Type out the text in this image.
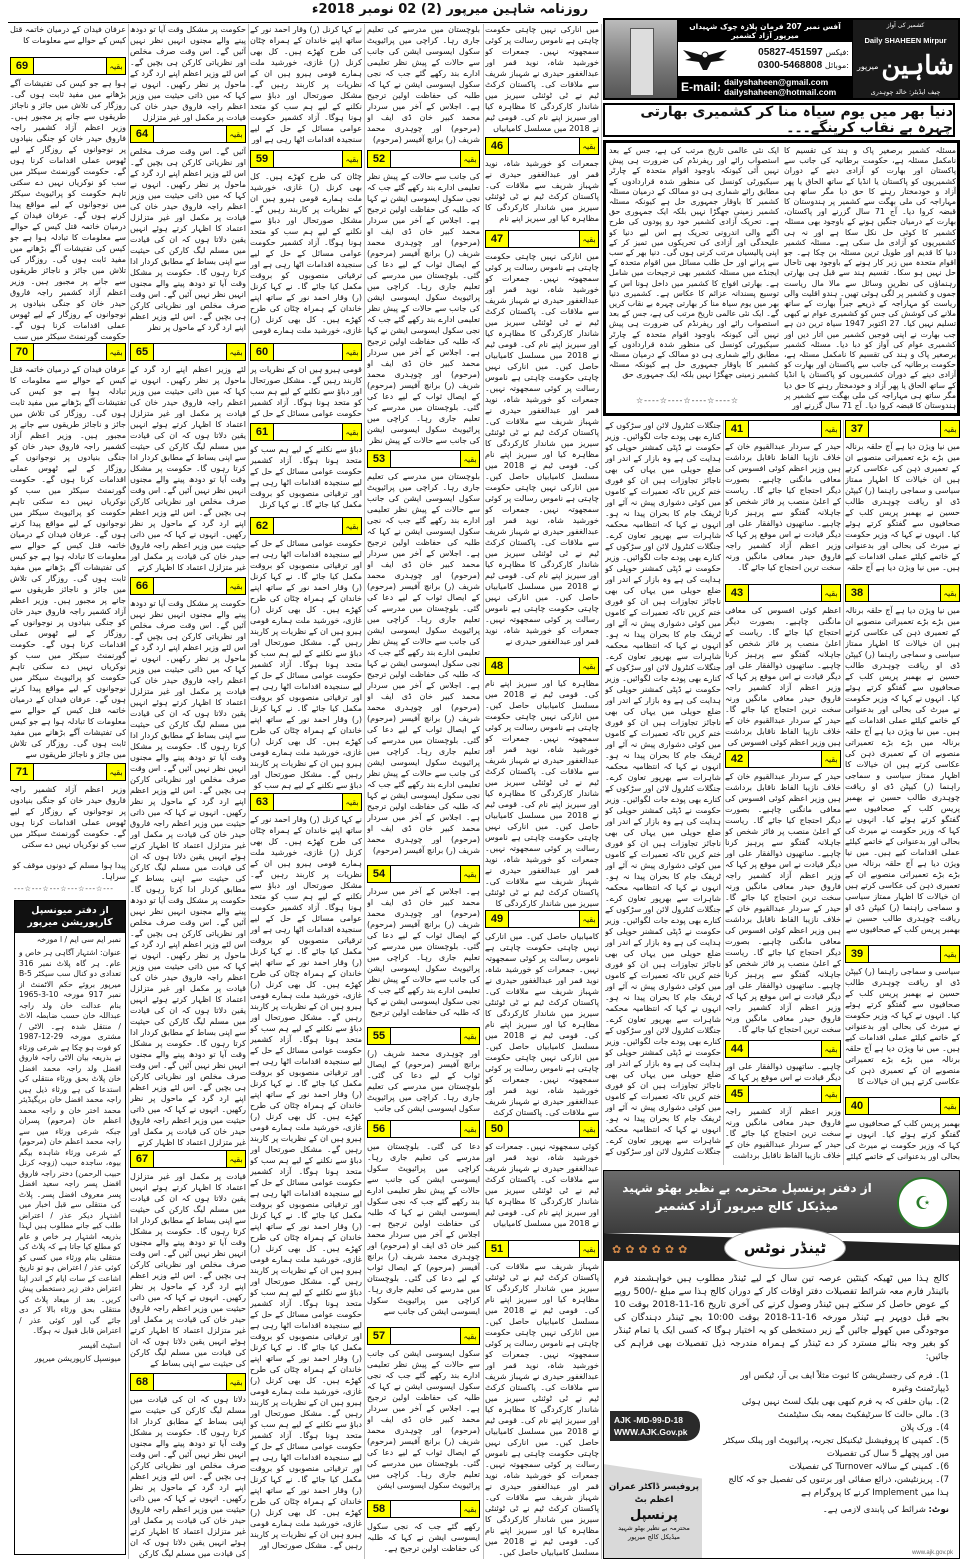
روزنامہ شاہین میرپور (2) 02 نومبر 2018ء
آفس نمبر 207 فرمان پلازہ چوک شہیداں میرپور آزاد کشمیر
05827-451597 فیکس:
0300-5468808 موبائل:
E-mail: dailyshaheen@gmail.com
dailyshaheen@hotmail.com
کشمیر کی آواز
Daily SHAHEEN Mirpur
شاہین
میرپور
چیف ایڈیٹر: خالد چوہدری
دنیا بھر میں یوم سیاہ منا کر کشمیری بھارتی چہرہ بے نقاب کرینگے۔۔۔
مسئلہ کشمیر برصغیر پاک و ہند کی تقسیم کا نامکمل مسئلہ ہے، حکومت برطانیہ کی جانب سے پاکستان اور بھارت کو آزادی دینے کے دوران کشمیریوں کو پاکستان یا انڈیا کے ساتھ الحاق یا پھر آزاد و خودمختار رہنے کا حق دیا مگر ساتھ ہی مہاراجہ کی ملی بھگت سے کشمیر پر ہندوستان کا قبضہ کروا دیا۔ آج 71 سال گزرنے اور پاکستان، بھارت کے درمیان جنگیں ہونے کے باوجود بھی مسئلہ کشمیر کا کوئی حل نکل سکا ہے اور نہ ہی کشمیریوں کو آزادی مل سکی ہے۔ مسئلہ کشمیر دنیا کا قدیم اور طویل ترین مسئلہ بن چکا ہے۔ جو اقوام متحدہ میں زیر کار ہونے کے باوجود بھی تاحال حل نہیں ہو سکا۔ تقسیم ہند سے قبل ہی بھارتی رہنماؤں کی نظریں وسائل سے مالا مال ریاست جموں و کشمیر پر لگی ہوئی تھیں۔ ہندو اقلیت والی ریاست کو مہاراجہ کے ذریعے جبراً بھارت کے ساتھ ملانے کی کوشش کی جس کو کشمیری عوام نے کبھی تسلیم نہیں کیا۔ 27 اکتوبر 1947 سیاہ ترین دن ہے جب بھارت نے اپنی فوجیں کشمیر میں اتار دیں اور کشمیری عوام کی آواز کو دبا دیا۔ مسئلہ کشمیر برصغیر پاک و ہند کی تقسیم کا نامکمل مسئلہ ہے، حکومت برطانیہ کی جانب سے پاکستان اور بھارت کو آزادی دینے کے دوران کشمیریوں کو پاکستان یا انڈیا کے ساتھ الحاق یا پھر آزاد و خودمختار رہنے کا حق دیا مگر ساتھ ہی مہاراجہ کی ملی بھگت سے کشمیر پر ہندوستان کا قبضہ کروا دیا۔ آج 71 سال گزرنے اور
ایک نئی عالمی تاریخ مرتب کی ہے، جس کے بعد استصواب رائے اور ریفرنڈم کی ضرورت ہی پیش نہیں آئی کیونکہ باوجود اقوام متحدہ کے چارٹر سیکیورٹی کونسل کی منظور شدہ قراردادوں کے مطابق رائے شماری ہی دو ممالک کے درمیان مسئلہ کشمیر کا باوقار جمہوری حل ہے کیونکہ مسئلہ کشمیر زمینی جھگڑا نہیں بلکہ ایک جمہوری حق ہے۔ تحریک آزادی کشمیر خود رو پودوں کی طرح اگنے والی اندرونی تحریک ہے اس لیے دنیا کو علیحدگی اور آزادی کی تحریکوں میں تمیز کر کے اپنی پالیسیاں مرتب کرنی ہوں گی۔ دنیا بھر کے سب سے پرانے اور حل طلب مسائل میں اقوام متحدہ کے ایجنڈے میں مسئلہ کشمیر بھی ترجیحات میں شامل ہے۔ بھارتی افواج کا کشمیر میں داخل ہونا اس کے توسیع پسندانہ عزائم کا عکاس ہے۔ کشمیری دنیا بھر میں یوم سیاہ منا کر بھارتی چہرہ بے نقاب کریں گے۔ ایک نئی عالمی تاریخ مرتب کی ہے، جس کے بعد استصواب رائے اور ریفرنڈم کی ضرورت ہی پیش نہیں آئی کیونکہ باوجود اقوام متحدہ کے چارٹر سیکیورٹی کونسل کی منظور شدہ قراردادوں کے مطابق رائے شماری ہی دو ممالک کے درمیان مسئلہ کشمیر کا باوقار جمہوری حل ہے کیونکہ مسئلہ کشمیر زمینی جھگڑا نہیں بلکہ ایک جمہوری حق
☆----☆----☆----☆----☆
69	بقیہ
70	بقیہ
71	بقیہ
عرفان فیدان کے درمیان خاتمہ قتل کیس کے حوالے سے معلومات کا
ہوا ہے جو کیس کی تفتیشات آگے بڑھانے میں مفید ثابت ہوں گی۔ روزگار کی تلاش میں جائز و ناجائز طریقوں سے جانے پر مجبور ہیں۔ وزیر اعظم آزاد کشمیر راجہ فاروق حیدر خان کو جنگی بنیادوں پر نوجوانوں کے روزگار کے لیے ٹھوس عملی اقدامات کرنا ہوں گے۔ حکومت گورنمنٹ سیکٹر میں سب کو نوکریاں نہیں دے سکتی تاہم حکومت کو پرائیویٹ سیکٹر میں نوجوانوں کے لیے مواقع پیدا کرنے ہوں گے۔ عرفان فیدان کے درمیان خاتمہ قتل کیس کے حوالے سے معلومات کا تبادلہ ہوا ہے جو کیس کی تفتیشات آگے بڑھانے میں مفید ثابت ہوں گی۔ روزگار کی تلاش میں جائز و ناجائز طریقوں سے جانے پر مجبور ہیں۔ وزیر اعظم آزاد کشمیر راجہ فاروق حیدر خان کو جنگی بنیادوں پر نوجوانوں کے روزگار کے لیے ٹھوس عملی اقدامات کرنا ہوں گے۔ حکومت گورنمنٹ سیکٹر میں سب
عرفان فیدان کے درمیان خاتمہ قتل کیس کے حوالے سے معلومات کا تبادلہ ہوا ہے جو کیس کی تفتیشات آگے بڑھانے میں مفید ثابت ہوں گی۔ روزگار کی تلاش میں جائز و ناجائز طریقوں سے جانے پر مجبور ہیں۔ وزیر اعظم آزاد کشمیر راجہ فاروق حیدر خان کو جنگی بنیادوں پر نوجوانوں کے روزگار کے لیے ٹھوس عملی اقدامات کرنا ہوں گے۔ حکومت گورنمنٹ سیکٹر میں سب کو نوکریاں نہیں دے سکتی تاہم حکومت کو پرائیویٹ سیکٹر میں نوجوانوں کے لیے مواقع پیدا کرنے ہوں گے۔ عرفان فیدان کے درمیان خاتمہ قتل کیس کے حوالے سے معلومات کا تبادلہ ہوا ہے جو کیس کی تفتیشات آگے بڑھانے میں مفید ثابت ہوں گی۔ روزگار کی تلاش میں جائز و ناجائز طریقوں سے جانے پر مجبور ہیں۔ وزیر اعظم آزاد کشمیر راجہ فاروق حیدر خان کو جنگی بنیادوں پر نوجوانوں کے روزگار کے لیے ٹھوس عملی اقدامات کرنا ہوں گے۔ حکومت گورنمنٹ سیکٹر میں سب کو نوکریاں نہیں دے سکتی تاہم حکومت کو پرائیویٹ سیکٹر میں نوجوانوں کے لیے مواقع پیدا کرنے ہوں گے۔ عرفان فیدان کے درمیان خاتمہ قتل کیس کے حوالے سے معلومات کا تبادلہ ہوا ہے جو کیس کی تفتیشات آگے بڑھانے میں مفید ثابت ہوں گی۔ روزگار کی تلاش میں جائز و ناجائز طریقوں سے
وزیر اعظم آزاد کشمیر راجہ فاروق حیدر خان کو جنگی بنیادوں پر نوجوانوں کے روزگار کے لیے ٹھوس عملی اقدامات کرنا ہوں گے۔ حکومت گورنمنٹ سیکٹر میں سب کو نوکریاں نہیں دے سکتی
64	بقیہ
65	بقیہ
66	بقیہ
67	بقیہ
68	بقیہ
حکومت پر مشکل وقت آیا تو دودھ پینے والے مجنوں انہیں نظر نہیں آئیں گے۔ اس وقت صرف مخلص اور نظریاتی کارکن ہی بچیں گے۔ اس لئے وزیر اعظم اپنے ارد گرد کے ماحول پر نظر رکھیں۔ انہوں نے کہا کہ میں ذاتی حیثیت میں وزیر اعظم راجہ فاروق حیدر خان کی قیادت پر مکمل اور غیر متزلزل
آئیں گے۔ اس وقت صرف مخلص اور نظریاتی کارکن ہی بچیں گے۔ اس لئے وزیر اعظم اپنے ارد گرد کے ماحول پر نظر رکھیں۔ انہوں نے کہا کہ میں ذاتی حیثیت میں وزیر اعظم راجہ فاروق حیدر خان کی قیادت پر مکمل اور غیر متزلزل اعتماد کا اظہار کرتے ہوئے انہیں یقین دلاتا ہوں کہ ان کی قیادت میں مسلم لیگ کارکن کی حیثیت سے اپنی بساط کے مطابق کردار ادا کرتا رہوں گا۔ حکومت پر مشکل وقت آیا تو دودھ پینے والے مجنوں انہیں نظر نہیں آئیں گے۔ اس وقت صرف مخلص اور نظریاتی کارکن ہی بچیں گے۔ اس لئے وزیر اعظم اپنے ارد گرد کے ماحول پر نظر
لئے وزیر اعظم اپنے ارد گرد کے ماحول پر نظر رکھیں۔ انہوں نے کہا کہ میں ذاتی حیثیت میں وزیر اعظم راجہ فاروق حیدر خان کی قیادت پر مکمل اور غیر متزلزل اعتماد کا اظہار کرتے ہوئے انہیں یقین دلاتا ہوں کہ ان کی قیادت میں مسلم لیگ کارکن کی حیثیت سے اپنی بساط کے مطابق کردار ادا کرتا رہوں گا۔ حکومت پر مشکل وقت آیا تو دودھ پینے والے مجنوں انہیں نظر نہیں آئیں گے۔ اس وقت صرف مخلص اور نظریاتی کارکن ہی بچیں گے۔ اس لئے وزیر اعظم اپنے ارد گرد کے ماحول پر نظر رکھیں۔ انہوں نے کہا کہ میں ذاتی حیثیت میں وزیر اعظم راجہ فاروق حیدر خان کی قیادت پر مکمل اور غیر متزلزل اعتماد کا اظہار کرتے
حکومت پر مشکل وقت آیا تو دودھ پینے والے مجنوں انہیں نظر نہیں آئیں گے۔ اس وقت صرف مخلص اور نظریاتی کارکن ہی بچیں گے۔ اس لئے وزیر اعظم اپنے ارد گرد کے ماحول پر نظر رکھیں۔ انہوں نے کہا کہ میں ذاتی حیثیت میں وزیر اعظم راجہ فاروق حیدر خان کی قیادت پر مکمل اور غیر متزلزل اعتماد کا اظہار کرتے ہوئے انہیں یقین دلاتا ہوں کہ ان کی قیادت میں مسلم لیگ کارکن کی حیثیت سے اپنی بساط کے مطابق کردار ادا کرتا رہوں گا۔ حکومت پر مشکل وقت آیا تو دودھ پینے والے مجنوں انہیں نظر نہیں آئیں گے۔ اس وقت صرف مخلص اور نظریاتی کارکن ہی بچیں گے۔ اس لئے وزیر اعظم اپنے ارد گرد کے ماحول پر نظر رکھیں۔ انہوں نے کہا کہ میں ذاتی حیثیت میں وزیر اعظم راجہ فاروق حیدر خان کی قیادت پر مکمل اور غیر متزلزل اعتماد کا اظہار کرتے ہوئے انہیں یقین دلاتا ہوں کہ ان کی قیادت میں مسلم لیگ کارکن کی حیثیت سے اپنی بساط کے مطابق کردار ادا کرتا رہوں گا۔ حکومت پر مشکل وقت آیا تو دودھ پینے والے مجنوں انہیں نظر نہیں آئیں گے۔ اس وقت صرف مخلص اور نظریاتی کارکن ہی بچیں گے۔ اس لئے وزیر اعظم اپنے ارد گرد کے ماحول پر نظر رکھیں۔ انہوں نے کہا کہ میں ذاتی حیثیت میں وزیر اعظم راجہ فاروق حیدر خان کی قیادت پر مکمل اور غیر متزلزل اعتماد کا اظہار کرتے ہوئے انہیں یقین دلاتا ہوں کہ ان کی قیادت میں مسلم لیگ کارکن کی حیثیت سے اپنی بساط کے مطابق کردار ادا کرتا رہوں گا۔ حکومت پر مشکل وقت آیا تو دودھ پینے والے مجنوں انہیں نظر نہیں آئیں گے۔ اس وقت صرف مخلص اور نظریاتی کارکن ہی بچیں گے۔ اس لئے وزیر اعظم اپنے ارد گرد کے ماحول پر نظر رکھیں۔ انہوں نے کہا کہ میں ذاتی حیثیت میں وزیر اعظم راجہ فاروق حیدر خان کی قیادت پر مکمل اور غیر متزلزل اعتماد کا اظہار کرتے
قیادت پر مکمل اور غیر متزلزل اعتماد کا اظہار کرتے ہوئے انہیں یقین دلاتا ہوں کہ ان کی قیادت میں مسلم لیگ کارکن کی حیثیت سے اپنی بساط کے مطابق کردار ادا کرتا رہوں گا۔ حکومت پر مشکل وقت آیا تو دودھ پینے والے مجنوں انہیں نظر نہیں آئیں گے۔ اس وقت صرف مخلص اور نظریاتی کارکن ہی بچیں گے۔ اس لئے وزیر اعظم اپنے ارد گرد کے ماحول پر نظر رکھیں۔ انہوں نے کہا کہ میں ذاتی حیثیت میں وزیر اعظم راجہ فاروق حیدر خان کی قیادت پر مکمل اور غیر متزلزل اعتماد کا اظہار کرتے ہوئے انہیں یقین دلاتا ہوں کہ ان کی قیادت میں مسلم لیگ کارکن کی حیثیت سے اپنی بساط کے
دلاتا ہوں کہ ان کی قیادت میں مسلم لیگ کارکن کی حیثیت سے اپنی بساط کے مطابق کردار ادا کرتا رہوں گا۔ حکومت پر مشکل وقت آیا تو دودھ پینے والے مجنوں انہیں نظر نہیں آئیں گے۔ اس وقت صرف مخلص اور نظریاتی کارکن ہی بچیں گے۔ اس لئے وزیر اعظم اپنے ارد گرد کے ماحول پر نظر رکھیں۔ انہوں نے کہا کہ میں ذاتی حیثیت میں وزیر اعظم راجہ فاروق حیدر خان کی قیادت پر مکمل اور غیر متزلزل اعتماد کا اظہار کرتے ہوئے انہیں یقین دلاتا ہوں کہ ان کی قیادت میں مسلم لیگ کارکن
59	بقیہ
60	بقیہ
61	بقیہ
62	بقیہ
63	بقیہ
نے کہا کرنل (ر) وقار احمد نور کے ساتھ اپنے خاندان کے ہمراہ چٹان کی طرح کھڑے ہیں۔ کل بھی کرنل (ر) غازی، خورشید ملت ہمارے قومی ہیرو ہیں ان کے نظریات پر کاربند رہیں گے۔ مشکل صورتحال اور دباؤ سے نکلنے کے لیے ہم سب کو متحد ہونا ہوگا۔ آزاد کشمیر حکومت عوامی مسائل کے حل کے لیے سنجیدہ اقدامات اٹھا رہی ہے اور
چٹان کی طرح کھڑے ہیں۔ کل بھی کرنل (ر) غازی، خورشید ملت ہمارے قومی ہیرو ہیں ان کے نظریات پر کاربند رہیں گے۔ مشکل صورتحال اور دباؤ سے نکلنے کے لیے ہم سب کو متحد ہونا ہوگا۔ آزاد کشمیر حکومت عوامی مسائل کے حل کے لیے سنجیدہ اقدامات اٹھا رہی ہے اور ترقیاتی منصوبوں کو بروقت مکمل کیا جائے گا۔ نے کہا کرنل (ر) وقار احمد نور کے ساتھ اپنے خاندان کے ہمراہ چٹان کی طرح کھڑے ہیں۔ کل بھی کرنل (ر) غازی، خورشید ملت ہمارے قومی
قومی ہیرو ہیں ان کے نظریات پر کاربند رہیں گے۔ مشکل صورتحال اور دباؤ سے نکلنے کے لیے ہم سب کو متحد ہونا ہوگا۔ آزاد کشمیر حکومت عوامی مسائل کے حل کے
دباؤ سے نکلنے کے لیے ہم سب کو متحد ہونا ہوگا۔ آزاد کشمیر حکومت عوامی مسائل کے حل کے لیے سنجیدہ اقدامات اٹھا رہی ہے اور ترقیاتی منصوبوں کو بروقت مکمل کیا جائے گا۔ نے کہا کرنل
حکومت عوامی مسائل کے حل کے لیے سنجیدہ اقدامات اٹھا رہی ہے اور ترقیاتی منصوبوں کو بروقت مکمل کیا جائے گا۔ نے کہا کرنل (ر) وقار احمد نور کے ساتھ اپنے خاندان کے ہمراہ چٹان کی طرح کھڑے ہیں۔ کل بھی کرنل (ر) غازی، خورشید ملت ہمارے قومی ہیرو ہیں ان کے نظریات پر کاربند رہیں گے۔ مشکل صورتحال اور دباؤ سے نکلنے کے لیے ہم سب کو متحد ہونا ہوگا۔ آزاد کشمیر حکومت عوامی مسائل کے حل کے لیے سنجیدہ اقدامات اٹھا رہی ہے اور ترقیاتی منصوبوں کو بروقت مکمل کیا جائے گا۔ نے کہا کرنل (ر) وقار احمد نور کے ساتھ اپنے خاندان کے ہمراہ چٹان کی طرح کھڑے ہیں۔ کل بھی کرنل (ر) غازی، خورشید ملت ہمارے قومی ہیرو ہیں ان کے نظریات پر کاربند رہیں گے۔ مشکل صورتحال اور دباؤ سے نکلنے کے لیے ہم سب کو
نے کہا کرنل (ر) وقار احمد نور کے ساتھ اپنے خاندان کے ہمراہ چٹان کی طرح کھڑے ہیں۔ کل بھی کرنل (ر) غازی، خورشید ملت ہمارے قومی ہیرو ہیں ان کے نظریات پر کاربند رہیں گے۔ مشکل صورتحال اور دباؤ سے نکلنے کے لیے ہم سب کو متحد ہونا ہوگا۔ آزاد کشمیر حکومت عوامی مسائل کے حل کے لیے سنجیدہ اقدامات اٹھا رہی ہے اور ترقیاتی منصوبوں کو بروقت مکمل کیا جائے گا۔ نے کہا کرنل (ر) وقار احمد نور کے ساتھ اپنے خاندان کے ہمراہ چٹان کی طرح کھڑے ہیں۔ کل بھی کرنل (ر) غازی، خورشید ملت ہمارے قومی ہیرو ہیں ان کے نظریات پر کاربند رہیں گے۔ مشکل صورتحال اور دباؤ سے نکلنے کے لیے ہم سب کو متحد ہونا ہوگا۔ آزاد کشمیر حکومت عوامی مسائل کے حل کے لیے سنجیدہ اقدامات اٹھا رہی ہے اور ترقیاتی منصوبوں کو بروقت مکمل کیا جائے گا۔ نے کہا کرنل (ر) وقار احمد نور کے ساتھ اپنے خاندان کے ہمراہ چٹان کی طرح کھڑے ہیں۔ کل بھی کرنل (ر) غازی، خورشید ملت ہمارے قومی ہیرو ہیں ان کے نظریات پر کاربند رہیں گے۔ مشکل صورتحال اور دباؤ سے نکلنے کے لیے ہم سب کو متحد ہونا ہوگا۔ آزاد کشمیر حکومت عوامی مسائل کے حل کے لیے سنجیدہ اقدامات اٹھا رہی ہے اور ترقیاتی منصوبوں کو بروقت مکمل کیا جائے گا۔ نے کہا کرنل (ر) وقار احمد نور کے ساتھ اپنے خاندان کے ہمراہ چٹان کی طرح کھڑے ہیں۔ کل بھی کرنل (ر) غازی، خورشید ملت ہمارے قومی ہیرو ہیں ان کے نظریات پر کاربند رہیں گے۔ مشکل صورتحال اور دباؤ سے نکلنے کے لیے ہم سب کو متحد ہونا ہوگا۔ آزاد کشمیر حکومت عوامی مسائل کے حل کے لیے سنجیدہ اقدامات اٹھا رہی ہے اور ترقیاتی منصوبوں کو بروقت مکمل کیا جائے گا۔ نے کہا کرنل (ر) وقار احمد نور کے ساتھ اپنے خاندان کے ہمراہ چٹان کی طرح کھڑے ہیں۔ کل بھی کرنل (ر) غازی، خورشید ملت ہمارے قومی ہیرو ہیں ان کے نظریات پر کاربند رہیں گے۔ مشکل صورتحال اور دباؤ سے نکلنے کے لیے ہم سب کو متحد ہونا ہوگا۔ آزاد کشمیر حکومت عوامی مسائل کے حل کے لیے سنجیدہ اقدامات اٹھا رہی ہے اور ترقیاتی منصوبوں کو بروقت مکمل کیا جائے گا۔ نے کہا کرنل (ر) وقار احمد نور کے ساتھ اپنے خاندان کے ہمراہ چٹان کی طرح کھڑے ہیں۔ کل بھی کرنل (ر) غازی، خورشید ملت ہمارے قومی ہیرو ہیں ان کے نظریات پر کاربند رہیں گے۔ مشکل صورتحال اور
52	بقیہ
53	بقیہ
54	بقیہ
55	بقیہ
56	بقیہ
57	بقیہ
58	بقیہ
بلوچستان میں مدرسے کی تعلیم جاری رہا۔ کراچی میں پرائیویٹ سکول ایسوسی ایشن کی جانب سے حالات کے پیش نظر تعلیمی ادارے بند رکھے گئے جب کہ نجی سکول ایسوسی ایشن نے کہا کہ طلبہ کی حفاظت اولین ترجیح ہے۔ اجلاس کے آخر میں سردار محمد کبیر خان ڈی ایف او (مرحوم) اور چوہدری محمد شریف (ر) برانچ آفیسر (مرحوم)
کی جانب سے حالات کے پیش نظر تعلیمی ادارے بند رکھے گئے جب کہ نجی سکول ایسوسی ایشن نے کہا کہ طلبہ کی حفاظت اولین ترجیح ہے۔ اجلاس کے آخر میں سردار محمد کبیر خان ڈی ایف او (مرحوم) اور چوہدری محمد شریف (ر) برانچ آفیسر (مرحوم) کے ایصال ثواب کے لیے دعا کی گئی۔ بلوچستان میں مدرسے کی تعلیم جاری رہا۔ کراچی میں پرائیویٹ سکول ایسوسی ایشن کی جانب سے حالات کے پیش نظر تعلیمی ادارے بند رکھے گئے جب کہ نجی سکول ایسوسی ایشن نے کہا کہ طلبہ کی حفاظت اولین ترجیح ہے۔ اجلاس کے آخر میں سردار محمد کبیر خان ڈی ایف او (مرحوم) اور چوہدری محمد شریف (ر) برانچ آفیسر (مرحوم) کے ایصال ثواب کے لیے دعا کی گئی۔ بلوچستان میں مدرسے کی تعلیم جاری رہا۔ کراچی میں پرائیویٹ سکول ایسوسی ایشن کی جانب سے حالات کے پیش نظر
بلوچستان میں مدرسے کی تعلیم جاری رہا۔ کراچی میں پرائیویٹ سکول ایسوسی ایشن کی جانب سے حالات کے پیش نظر تعلیمی ادارے بند رکھے گئے جب کہ نجی سکول ایسوسی ایشن نے کہا کہ طلبہ کی حفاظت اولین ترجیح ہے۔ اجلاس کے آخر میں سردار محمد کبیر خان ڈی ایف او (مرحوم) اور چوہدری محمد شریف (ر) برانچ آفیسر (مرحوم) کے ایصال ثواب کے لیے دعا کی گئی۔ بلوچستان میں مدرسے کی تعلیم جاری رہا۔ کراچی میں پرائیویٹ سکول ایسوسی ایشن کی جانب سے حالات کے پیش نظر تعلیمی ادارے بند رکھے گئے جب کہ نجی سکول ایسوسی ایشن نے کہا کہ طلبہ کی حفاظت اولین ترجیح ہے۔ اجلاس کے آخر میں سردار محمد کبیر خان ڈی ایف او (مرحوم) اور چوہدری محمد شریف (ر) برانچ آفیسر (مرحوم) کے ایصال ثواب کے لیے دعا کی گئی۔ بلوچستان میں مدرسے کی تعلیم جاری رہا۔ کراچی میں پرائیویٹ سکول ایسوسی ایشن کی جانب سے حالات کے پیش نظر تعلیمی ادارے بند رکھے گئے جب کہ نجی سکول ایسوسی ایشن نے کہا کہ طلبہ کی حفاظت اولین ترجیح ہے۔ اجلاس کے آخر میں سردار محمد کبیر خان ڈی ایف او (مرحوم) اور چوہدری محمد شریف (ر) برانچ آفیسر (مرحوم)
ہے۔ اجلاس کے آخر میں سردار محمد کبیر خان ڈی ایف او (مرحوم) اور چوہدری محمد شریف (ر) برانچ آفیسر (مرحوم) کے ایصال ثواب کے لیے دعا کی گئی۔ بلوچستان میں مدرسے کی تعلیم جاری رہا۔ کراچی میں پرائیویٹ سکول ایسوسی ایشن کی جانب سے حالات کے پیش نظر تعلیمی ادارے بند رکھے گئے جب کہ نجی سکول ایسوسی ایشن نے کہا کہ طلبہ کی حفاظت اولین ترجیح
اور چوہدری محمد شریف (ر) برانچ آفیسر (مرحوم) کے ایصال ثواب کے لیے دعا کی گئی۔ بلوچستان میں مدرسے کی تعلیم جاری رہا۔ کراچی میں پرائیویٹ سکول ایسوسی ایشن کی جانب
دعا کی گئی۔ بلوچستان میں مدرسے کی تعلیم جاری رہا۔ کراچی میں پرائیویٹ سکول ایسوسی ایشن کی جانب سے حالات کے پیش نظر تعلیمی ادارے بند رکھے گئے جب کہ نجی سکول ایسوسی ایشن نے کہا کہ طلبہ کی حفاظت اولین ترجیح ہے۔ اجلاس کے آخر میں سردار محمد کبیر خان ڈی ایف او (مرحوم) اور چوہدری محمد شریف (ر) برانچ آفیسر (مرحوم) کے ایصال ثواب کے لیے دعا کی گئی۔ بلوچستان میں مدرسے کی تعلیم جاری رہا۔ کراچی میں پرائیویٹ سکول ایسوسی ایشن کی جانب سے
سکول ایسوسی ایشن کی جانب سے حالات کے پیش نظر تعلیمی ادارے بند رکھے گئے جب کہ نجی سکول ایسوسی ایشن نے کہا کہ طلبہ کی حفاظت اولین ترجیح ہے۔ اجلاس کے آخر میں سردار محمد کبیر خان ڈی ایف او (مرحوم) اور چوہدری محمد شریف (ر) برانچ آفیسر (مرحوم) کے ایصال ثواب کے لیے دعا کی گئی۔ بلوچستان میں مدرسے کی تعلیم جاری رہا۔ کراچی میں پرائیویٹ سکول ایسوسی ایشن
رکھے گئے جب کہ نجی سکول ایسوسی ایشن نے کہا کہ طلبہ کی حفاظت اولین ترجیح ہے۔
46	بقیہ
47	بقیہ
48	بقیہ
49	بقیہ
50	بقیہ
51	بقیہ
میں انارکی نہیں چاہتی حکومت چاہتی ہے ناموس رسالت پر کوئی سمجھوتہ نہیں۔ جمعرات کو خورشید شاہ، نوید قمر اور عبدالغفور حیدری نے شہباز شریف سے ملاقات کی۔ پاکستان کرکٹ ٹیم نے ٹی ٹوئنٹی سیریز میں شاندار کارکردگی کا مظاہرہ کیا اور سیریز اپنے نام کی۔ قومی ٹیم نے 2018 میں مسلسل کامیابیاں
جمعرات کو خورشید شاہ، نوید قمر اور عبدالغفور حیدری نے شہباز شریف سے ملاقات کی۔ پاکستان کرکٹ ٹیم نے ٹی ٹوئنٹی سیریز میں شاندار کارکردگی کا مظاہرہ کیا اور سیریز اپنے نام
میں انارکی نہیں چاہتی حکومت چاہتی ہے ناموس رسالت پر کوئی سمجھوتہ نہیں۔ جمعرات کو خورشید شاہ، نوید قمر اور عبدالغفور حیدری نے شہباز شریف سے ملاقات کی۔ پاکستان کرکٹ ٹیم نے ٹی ٹوئنٹی سیریز میں شاندار کارکردگی کا مظاہرہ کیا اور سیریز اپنے نام کی۔ قومی ٹیم نے 2018 میں مسلسل کامیابیاں حاصل کیں۔ میں انارکی نہیں چاہتی حکومت چاہتی ہے ناموس رسالت پر کوئی سمجھوتہ نہیں۔ جمعرات کو خورشید شاہ، نوید قمر اور عبدالغفور حیدری نے شہباز شریف سے ملاقات کی۔ پاکستان کرکٹ ٹیم نے ٹی ٹوئنٹی سیریز میں شاندار کارکردگی کا مظاہرہ کیا اور سیریز اپنے نام کی۔ قومی ٹیم نے 2018 میں مسلسل کامیابیاں حاصل کیں۔ میں انارکی نہیں چاہتی حکومت چاہتی ہے ناموس رسالت پر کوئی سمجھوتہ نہیں۔ جمعرات کو خورشید شاہ، نوید قمر اور عبدالغفور حیدری نے شہباز شریف سے ملاقات کی۔ پاکستان کرکٹ ٹیم نے ٹی ٹوئنٹی سیریز میں شاندار کارکردگی کا مظاہرہ کیا اور سیریز اپنے نام کی۔ قومی ٹیم نے 2018 میں مسلسل کامیابیاں حاصل کیں۔ میں انارکی نہیں چاہتی حکومت چاہتی ہے ناموس رسالت پر کوئی سمجھوتہ نہیں۔ جمعرات کو خورشید شاہ، نوید قمر اور عبدالغفور حیدری نے
مظاہرہ کیا اور سیریز اپنے نام کی۔ قومی ٹیم نے 2018 میں مسلسل کامیابیاں حاصل کیں۔ میں انارکی نہیں چاہتی حکومت چاہتی ہے ناموس رسالت پر کوئی سمجھوتہ نہیں۔ جمعرات کو خورشید شاہ، نوید قمر اور عبدالغفور حیدری نے شہباز شریف سے ملاقات کی۔ پاکستان کرکٹ ٹیم نے ٹی ٹوئنٹی سیریز میں شاندار کارکردگی کا مظاہرہ کیا اور سیریز اپنے نام کی۔ قومی ٹیم نے 2018 میں مسلسل کامیابیاں حاصل کیں۔ میں انارکی نہیں چاہتی حکومت چاہتی ہے ناموس رسالت پر کوئی سمجھوتہ نہیں۔ جمعرات کو خورشید شاہ، نوید قمر اور عبدالغفور حیدری نے شہباز شریف سے ملاقات کی۔ پاکستان کرکٹ ٹیم نے ٹی ٹوئنٹی سیریز میں شاندار کارکردگی کا
کامیابیاں حاصل کیں۔ میں انارکی نہیں چاہتی حکومت چاہتی ہے ناموس رسالت پر کوئی سمجھوتہ نہیں۔ جمعرات کو خورشید شاہ، نوید قمر اور عبدالغفور حیدری نے شہباز شریف سے ملاقات کی۔ پاکستان کرکٹ ٹیم نے ٹی ٹوئنٹی سیریز میں شاندار کارکردگی کا مظاہرہ کیا اور سیریز اپنے نام کی۔ قومی ٹیم نے 2018 میں مسلسل کامیابیاں حاصل کیں۔ میں انارکی نہیں چاہتی حکومت چاہتی ہے ناموس رسالت پر کوئی سمجھوتہ نہیں۔ جمعرات کو خورشید شاہ، نوید قمر اور عبدالغفور حیدری نے شہباز شریف سے ملاقات کی۔ پاکستان کرکٹ
کوئی سمجھوتہ نہیں۔ جمعرات کو خورشید شاہ، نوید قمر اور عبدالغفور حیدری نے شہباز شریف سے ملاقات کی۔ پاکستان کرکٹ ٹیم نے ٹی ٹوئنٹی سیریز میں شاندار کارکردگی کا مظاہرہ کیا اور سیریز اپنے نام کی۔ قومی ٹیم نے 2018 میں مسلسل کامیابیاں
شہباز شریف سے ملاقات کی۔ پاکستان کرکٹ ٹیم نے ٹی ٹوئنٹی سیریز میں شاندار کارکردگی کا مظاہرہ کیا اور سیریز اپنے نام کی۔ قومی ٹیم نے 2018 میں مسلسل کامیابیاں حاصل کیں۔ میں انارکی نہیں چاہتی حکومت چاہتی ہے ناموس رسالت پر کوئی سمجھوتہ نہیں۔ جمعرات کو خورشید شاہ، نوید قمر اور عبدالغفور حیدری نے شہباز شریف سے ملاقات کی۔ پاکستان کرکٹ ٹیم نے ٹی ٹوئنٹی سیریز میں شاندار کارکردگی کا مظاہرہ کیا اور سیریز اپنے نام کی۔ قومی ٹیم نے 2018 میں مسلسل کامیابیاں حاصل کیں۔ میں انارکی نہیں چاہتی حکومت چاہتی ہے ناموس رسالت پر کوئی سمجھوتہ نہیں۔ جمعرات کو خورشید شاہ، نوید قمر اور عبدالغفور حیدری نے شہباز شریف سے ملاقات کی۔ پاکستان کرکٹ ٹیم نے ٹی ٹوئنٹی سیریز میں شاندار کارکردگی کا مظاہرہ کیا اور سیریز اپنے نام کی۔ قومی ٹیم نے 2018 میں مسلسل کامیابیاں حاصل کیں۔
جنگلات کنٹرول لائن اور سڑکوں کے کنارے بھی پودے جات لگوائیں۔ وزیر حکومت نے ڈپٹی کمشنر حویلی کو ہدایت کی ہے وہ بازار کے اندر اور ضلع حویلی میں یہاں کی بھی ناجائز تجاوزات ہیں ان کو فوری ختم کریں تاکہ تعمیرات کے کاموں میں کوئی دشواری پیش نہ آئے اور ٹریفک جام کا بحران پیدا نہ ہو۔ انہوں نے کہا کہ انتظامیہ محکمہ شاہرات سے بھرپور تعاون کرے۔ جنگلات کنٹرول لائن اور سڑکوں کے کنارے بھی پودے جات لگوائیں۔ وزیر حکومت نے ڈپٹی کمشنر حویلی کو ہدایت کی ہے وہ بازار کے اندر اور ضلع حویلی میں یہاں کی بھی ناجائز تجاوزات ہیں ان کو فوری ختم کریں تاکہ تعمیرات کے کاموں میں کوئی دشواری پیش نہ آئے اور ٹریفک جام کا بحران پیدا نہ ہو۔ انہوں نے کہا کہ انتظامیہ محکمہ شاہرات سے بھرپور تعاون کرے۔ جنگلات کنٹرول لائن اور سڑکوں کے کنارے بھی پودے جات لگوائیں۔ وزیر حکومت نے ڈپٹی کمشنر حویلی کو ہدایت کی ہے وہ بازار کے اندر اور ضلع حویلی میں یہاں کی بھی ناجائز تجاوزات ہیں ان کو فوری ختم کریں تاکہ تعمیرات کے کاموں میں کوئی دشواری پیش نہ آئے اور ٹریفک جام کا بحران پیدا نہ ہو۔ انہوں نے کہا کہ انتظامیہ محکمہ شاہرات سے بھرپور تعاون کرے۔ جنگلات کنٹرول لائن اور سڑکوں کے کنارے بھی پودے جات لگوائیں۔ وزیر حکومت نے ڈپٹی کمشنر حویلی کو ہدایت کی ہے وہ بازار کے اندر اور ضلع حویلی میں یہاں کی بھی ناجائز تجاوزات ہیں ان کو فوری ختم کریں تاکہ تعمیرات کے کاموں میں کوئی دشواری پیش نہ آئے اور ٹریفک جام کا بحران پیدا نہ ہو۔ انہوں نے کہا کہ انتظامیہ محکمہ شاہرات سے بھرپور تعاون کرے۔ جنگلات کنٹرول لائن اور سڑکوں کے کنارے بھی پودے جات لگوائیں۔ وزیر حکومت نے ڈپٹی کمشنر حویلی کو ہدایت کی ہے وہ بازار کے اندر اور ضلع حویلی میں یہاں کی بھی ناجائز تجاوزات ہیں ان کو فوری ختم کریں تاکہ تعمیرات کے کاموں میں کوئی دشواری پیش نہ آئے اور ٹریفک جام کا بحران پیدا نہ ہو۔ انہوں نے کہا کہ انتظامیہ محکمہ شاہرات سے بھرپور تعاون کرے۔ جنگلات کنٹرول لائن اور سڑکوں کے کنارے بھی پودے جات لگوائیں۔ وزیر حکومت نے ڈپٹی کمشنر حویلی کو ہدایت کی ہے وہ بازار کے اندر اور ضلع حویلی میں یہاں کی بھی ناجائز تجاوزات ہیں ان کو فوری ختم کریں تاکہ تعمیرات کے کاموں میں کوئی دشواری پیش نہ آئے اور ٹریفک جام کا بحران پیدا نہ ہو۔ انہوں نے کہا کہ انتظامیہ محکمہ شاہرات سے بھرپور تعاون کرے۔ جنگلات کنٹرول لائن اور سڑکوں کے
41	بقیہ
43	بقیہ
42	بقیہ
44	بقیہ
45	بقیہ
حیدر کے سردار عبدالقیوم خان کے خلاف نازیبا الفاظ ناقابل برداشت ہیں وزیر اعظم کوئی افسوس کی معافی مانگنی چاہیے۔ بصورت دیگر احتجاج کیا جائے گا۔ ریاست کے اعلیٰ منصب پر فائز شخص کو جاہلانہ گفتگو سے پرہیز کرنا چاہیے۔ ساتھیوں ذوالفقار علی اور دیگر قیادت نے اس موقع پر کہا کہ وزیر اعظم آزاد کشمیر راجہ فاروق حیدر معافی مانگیں ورنہ سخت ترین احتجاج کیا جائے گا۔
اعظم کوئی افسوس کی معافی مانگنی چاہیے۔ بصورت دیگر احتجاج کیا جائے گا۔ ریاست کے اعلیٰ منصب پر فائز شخص کو جاہلانہ گفتگو سے پرہیز کرنا چاہیے۔ ساتھیوں ذوالفقار علی اور دیگر قیادت نے اس موقع پر کہا کہ وزیر اعظم آزاد کشمیر راجہ فاروق حیدر معافی مانگیں ورنہ سخت ترین احتجاج کیا جائے گا۔ حیدر کے سردار عبدالقیوم خان کے خلاف نازیبا الفاظ ناقابل برداشت ہیں وزیر اعظم کوئی افسوس کی
حیدر کے سردار عبدالقیوم خان کے خلاف نازیبا الفاظ ناقابل برداشت ہیں وزیر اعظم کوئی افسوس کی معافی مانگنی چاہیے۔ بصورت دیگر احتجاج کیا جائے گا۔ ریاست کے اعلیٰ منصب پر فائز شخص کو جاہلانہ گفتگو سے پرہیز کرنا چاہیے۔ ساتھیوں ذوالفقار علی اور دیگر قیادت نے اس موقع پر کہا کہ وزیر اعظم آزاد کشمیر راجہ فاروق حیدر معافی مانگیں ورنہ سخت ترین احتجاج کیا جائے گا۔ حیدر کے سردار عبدالقیوم خان کے خلاف نازیبا الفاظ ناقابل برداشت ہیں وزیر اعظم کوئی افسوس کی معافی مانگنی چاہیے۔ بصورت دیگر احتجاج کیا جائے گا۔ ریاست کے اعلیٰ منصب پر فائز شخص کو جاہلانہ گفتگو سے پرہیز کرنا چاہیے۔ ساتھیوں ذوالفقار علی اور دیگر قیادت نے اس موقع پر کہا کہ وزیر اعظم آزاد کشمیر راجہ فاروق حیدر معافی مانگیں ورنہ سخت ترین احتجاج کیا جائے گا۔
چاہیے۔ ساتھیوں ذوالفقار علی اور دیگر قیادت نے اس موقع پر کہا کہ
وزیر اعظم آزاد کشمیر راجہ فاروق حیدر معافی مانگیں ورنہ سخت ترین احتجاج کیا جائے گا۔ حیدر کے سردار عبدالقیوم خان کے خلاف نازیبا الفاظ ناقابل برداشت
37	بقیہ
38	بقیہ
39	بقیہ
40	بقیہ
میں نیا ویژن دیا ہے آج حلقہ برنالہ میں بڑے بڑے تعمیراتی منصوبے ان کے تعمیری ذہن کی عکاسی کرتے ہیں ان خیالات کا اظہار ممتاز سیاسی و سماجی راہنما (ر) کیپٹن ڈی او ریاقت چوہدری طالب حسین نے بھمبر پریس کلب کے صحافیوں سے گفتگو کرتے ہوئے کیا۔ انہوں نے کہا کہ وزیر حکومت نے میرٹ کی بحالی اور بدعنوانی کے خاتمے کیلئے عملی اقدامات کیے ہیں۔ میں نیا ویژن دیا ہے آج حلقہ
میں نیا ویژن دیا ہے آج حلقہ برنالہ میں بڑے بڑے تعمیراتی منصوبے ان کے تعمیری ذہن کی عکاسی کرتے ہیں ان خیالات کا اظہار ممتاز سیاسی و سماجی راہنما (ر) کیپٹن ڈی او ریاقت چوہدری طالب حسین نے بھمبر پریس کلب کے صحافیوں سے گفتگو کرتے ہوئے کیا۔ انہوں نے کہا کہ وزیر حکومت نے میرٹ کی بحالی اور بدعنوانی کے خاتمے کیلئے عملی اقدامات کیے ہیں۔ میں نیا ویژن دیا ہے آج حلقہ برنالہ میں بڑے بڑے تعمیراتی منصوبے ان کے تعمیری ذہن کی عکاسی کرتے ہیں ان خیالات کا اظہار ممتاز سیاسی و سماجی راہنما (ر) کیپٹن ڈی او ریاقت چوہدری طالب حسین نے بھمبر پریس کلب کے صحافیوں سے گفتگو کرتے ہوئے کیا۔ انہوں نے کہا کہ وزیر حکومت نے میرٹ کی بحالی اور بدعنوانی کے خاتمے کیلئے عملی اقدامات کیے ہیں۔ میں نیا ویژن دیا ہے آج حلقہ برنالہ میں بڑے بڑے تعمیراتی منصوبے ان کے تعمیری ذہن کی عکاسی کرتے ہیں ان خیالات کا اظہار ممتاز سیاسی و سماجی راہنما (ر) کیپٹن ڈی او ریاقت چوہدری طالب حسین نے بھمبر پریس کلب کے صحافیوں سے
سیاسی و سماجی راہنما (ر) کیپٹن ڈی او ریاقت چوہدری طالب حسین نے بھمبر پریس کلب کے صحافیوں سے گفتگو کرتے ہوئے کیا۔ انہوں نے کہا کہ وزیر حکومت نے میرٹ کی بحالی اور بدعنوانی کے خاتمے کیلئے عملی اقدامات کیے ہیں۔ میں نیا ویژن دیا ہے آج حلقہ برنالہ میں بڑے بڑے تعمیراتی منصوبے ان کے تعمیری ذہن کی عکاسی کرتے ہیں ان خیالات کا
بھمبر پریس کلب کے صحافیوں سے گفتگو کرتے ہوئے کیا۔ انہوں نے کہا کہ وزیر حکومت نے میرٹ کی بحالی اور بدعنوانی کے خاتمے کیلئے
پیدا ہوا مسلم کے دونوں موقف کو سراہا۔
---☆---☆---☆---☆---☆---
از دفتر میونسپل کارپوریشن میرپور
نمبر ایم سی ایم / ا مورخہ
عنوان: اشتہار آگاہی ہر خاص و عام۔ ہر گاہ پلاٹ نمبر 316 تعدادی دو کنال سب سیکٹر B-5 میرپور بروئے حکم الاٹمنٹ از نمبر 917 مورخہ 10-3-1965 بنام عدالت خان ولد راجہ عبداللہ خان حسب ضابطہ الاٹ / منتقل شدہ ہے۔ الاٹی / مشتری مورخہ 29-12-1987 کو فوت ہو چکا ہے شرعی ورثاء نے بذریعہ بیان الاٹی راجہ فاروق افضل ولد راجہ محمد افضل خان پلاٹ بحق ورثاء منتقلی کی استدعا کی ہے ورثاء ذیل ہیں راجہ محمد افضل خان بریگیڈیئر محمد اختر خان و راجہ محمد اعظم خان (مرحوم) پسران جبکہ شرعی ورثاء میں سے راجہ محمد اعظم خان (مرحوم) کے شرعی ورثاء شاہدہ بیگم بیوہ، ساجدہ حبیب (زوجہ کرنل حبیب الرحمن) دختر راجہ فاروق افضل پسر راجہ سعید افضل پسر معروف افضل پسر۔ پلاٹ کی منتقلی سے قبل اخبار میں اشتہار دیکر عذر / اعتراض طلب کیے جانے مطلوب ہیں لہذا بذریعہ اشتہار ہر خاص و عام کو مطلع کیا جاتا ہے کہ پلاٹ کی منتقلی بنام ورثاء میں کسی کو کوئی عذر / اعتراض ہو تو تاریخ اشاعت کے سات ایام کے اندر اپنا اعتراض دفتر زیر دستخطی پیش کریں۔ بعد از میعاد پلاٹ کی منتقلی بحق ورثاء بالا کر دی جائے گی اور کوئی عذر / اعتراض قابل قبول نہ ہوگا۔
اسٹیٹ آفیسر
میونسپل کارپوریشن میرپور
از دفتر پرنسپل محترمہ بے نظیر بھٹو شہید میڈیکل کالج میرپور آزاد کشمیر	☪
✿✿✿✿✿✿	ٹینڈر نوٹس
کالج ہذا میں ٹھیکہ کینٹین عرصہ تین سال کے لیے ٹینڈر مطلوب ہیں خواہشمند فرم بائینڈر فارم معہ شرائط تفصیلات دفتر اوقات کار کے دوران کالج ہذا سے مبلغ -/500 روپے کے عوض حاصل کر سکتے ہیں ٹینڈر وصول کرنے کی آخری تاریخ 16-11-2018 بوقت 10 بجے قبل دوپہر ہے ٹینڈر مورخہ 16-11-2018 بوقت 10:00 بجے ٹینڈر دہندگان کی موجودگی میں کھولے جائیں گے زیر دستخطی کو یہ اختیار ہوگا کہ کسی ایک یا تمام ٹینڈر کو بغیر وجہ بتائے مسترد کر دے ٹینڈر کے ہمراہ مندرجہ ذیل تفصیلات بھی فراہم کی جائیں:
1)۔ فرم کی رجسٹریشن کا ثبوت مثلاً ایف بی آر، ٹیکس اور ڈیپارٹمنٹ وغیرہ
2)۔ بیان حلفی کہ یہ فرم کبھی بھی بلیک لسٹ نہیں ہوئی
3)۔ مالی حالت کا سرٹیفکیٹ بمعہ بنک سٹیٹمنٹ
4)۔ ورک پلان
5)۔ کمپنی کا پروفیشنل ٹیکنیکل تجربہ، پرائیویٹ اور پبلک سیکٹر میں اور پچھلے 5 سال کی تفصیلات
6)۔ کمپنی کے سالانہ Turnover کی تفصیلات
7)۔ پریزنٹیشن، ذرائع صفائی اور برتنوں کی تفصیل جو کہ کالج ہذا میں Implement کرنے کا پروگرام ہے
نوٹ: شرائط کی پابندی لازمی ہے۔
AJK -MD-99-D-18
WWW.AJK.Gov.pk
پروفیسر ڈاکٹر عمران اعظم بٹ
پرنسپل
محترمہ بے نظیر بھٹو شہید میڈیکل کالج میرپور
www.ajk.gov.pk
